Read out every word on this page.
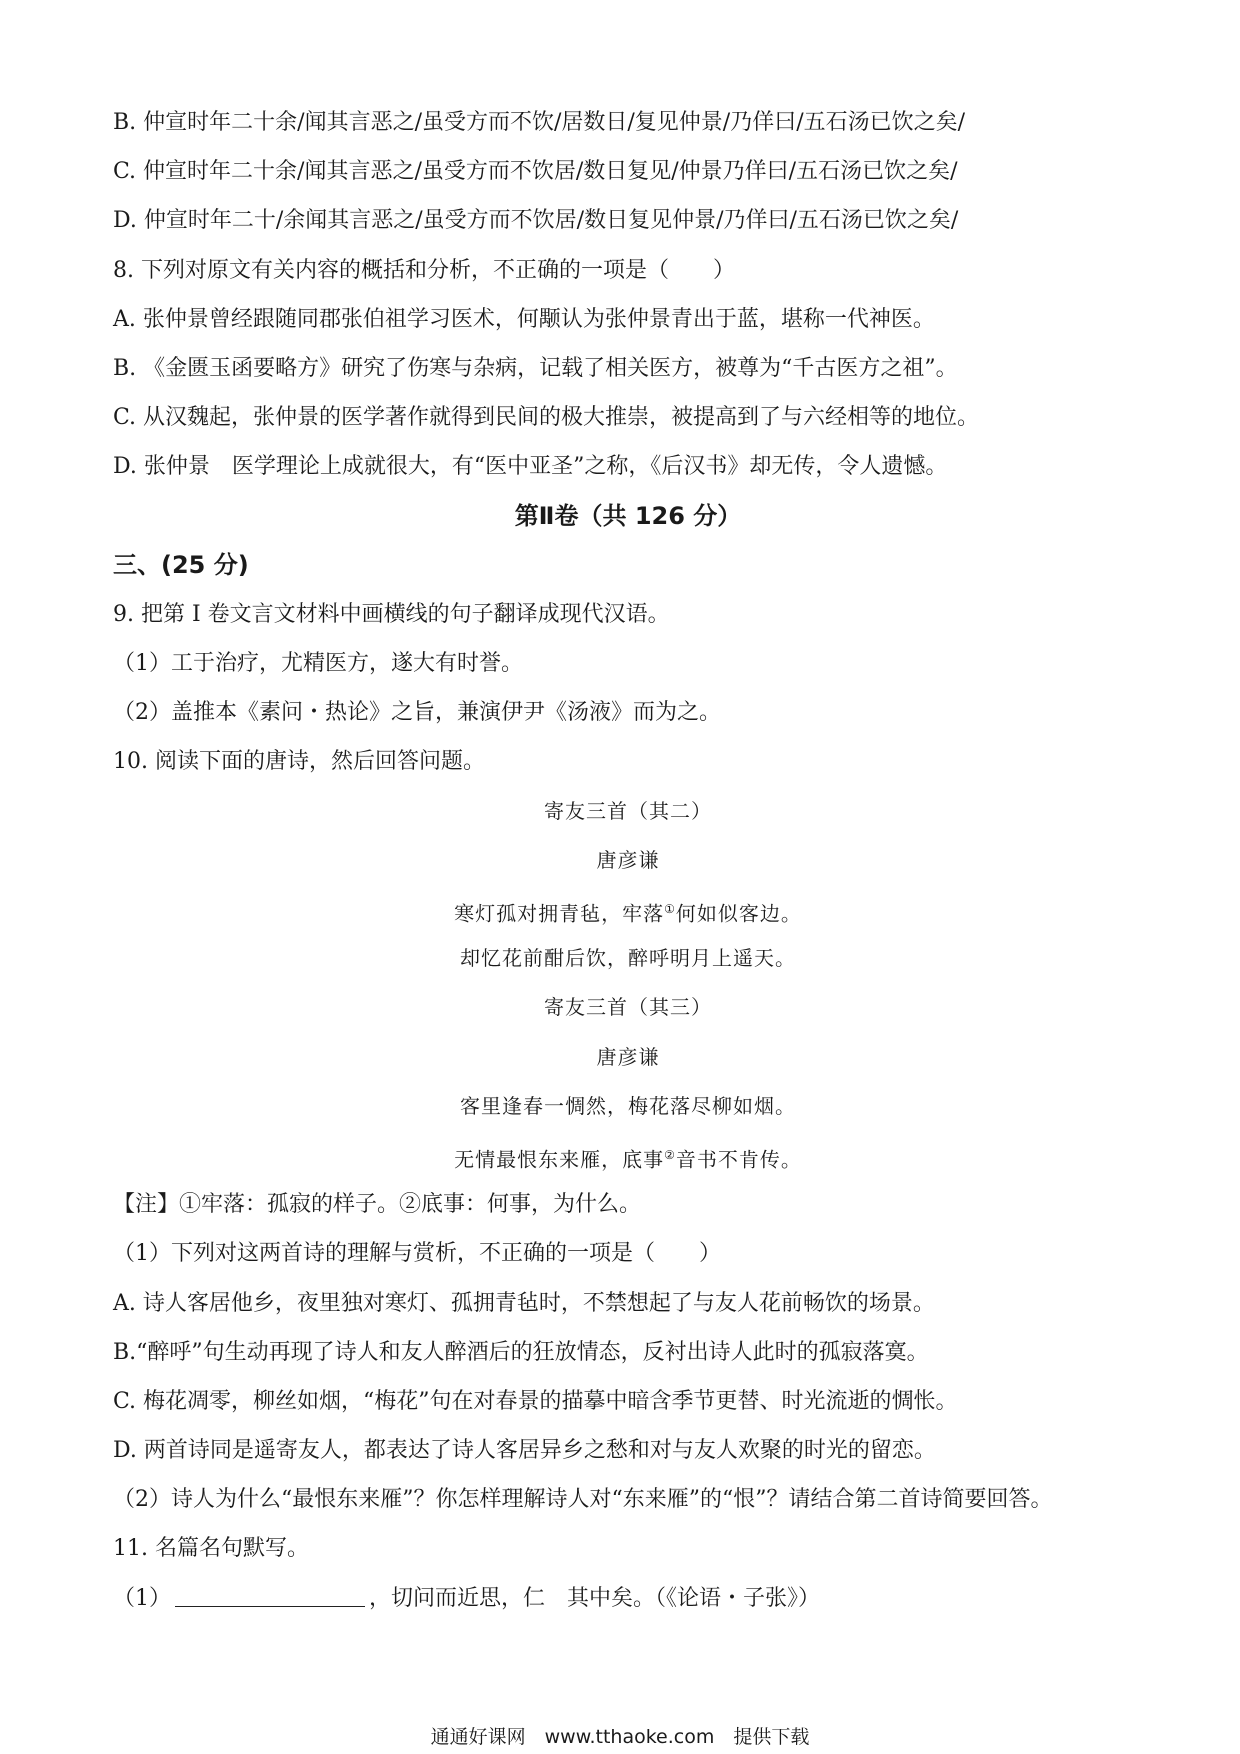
B. 仲宣时年二十余/闻其言恶之/虽受方而不饮/居数日/复见仲景/乃佯曰/五石汤已饮之矣/
C. 仲宣时年二十余/闻其言恶之/虽受方而不饮居/数日复见/仲景乃佯曰/五石汤已饮之矣/
D. 仲宣时年二十/余闻其言恶之/虽受方而不饮居/数日复见仲景/乃佯曰/五石汤已饮之矣/
8. 下列对原文有关内容的概括和分析，不正确的一项是（　　）
A. 张仲景曾经跟随同郡张伯祖学习医术，何颙认为张仲景青出于蓝，堪称一代神医。
B. 《金匮玉函要略方》研究了伤寒与杂病，记载了相关医方，被尊为“千古医方之祖”。
C. 从汉魏起，张仲景的医学著作就得到民间的极大推崇，被提高到了与六经相等的地位。
D. 张仲景　医学理论上成就很大，有“医中亚圣”之称，《后汉书》却无传，令人遗憾。
第Ⅱ卷（共 126 分）
三、(25 分)
9. 把第 I 卷文言文材料中画横线的句子翻译成现代汉语。
（1）工于治疗，尤精医方，遂大有时誉。
（2）盖推本《素问・热论》之旨，兼演伊尹《汤液》而为之。
10. 阅读下面的唐诗，然后回答问题。
寄友三首（其二）
唐彦谦
寒灯孤对拥青毡，牢落①何如似客边。
却忆花前酣后饮，醉呼明月上遥天。
寄友三首（其三）
唐彦谦
客里逢春一惆然，梅花落尽柳如烟。
无情最恨东来雁，底事②音书不肯传。
【注】①牢落：孤寂的样子。②底事：何事，为什么。
（1）下列对这两首诗的理解与赏析，不正确的一项是（　　）
A. 诗人客居他乡，夜里独对寒灯、孤拥青毡时，不禁想起了与友人花前畅饮的场景。
B.“醉呼”句生动再现了诗人和友人醉酒后的狂放情态，反衬出诗人此时的孤寂落寞。
C. 梅花凋零，柳丝如烟，“梅花”句在对春景的描摹中暗含季节更替、时光流逝的惆怅。
D. 两首诗同是遥寄友人，都表达了诗人客居异乡之愁和对与友人欢聚的时光的留恋。
（2）诗人为什么“最恨东来雁”？你怎样理解诗人对“东来雁”的“恨”？请结合第二首诗简要回答。
11. 名篇名句默写。
（1）	，切问而近思，仁　其中矣。（《论语・子张》）
通通好课网　www.tthaoke.com　提供下载
